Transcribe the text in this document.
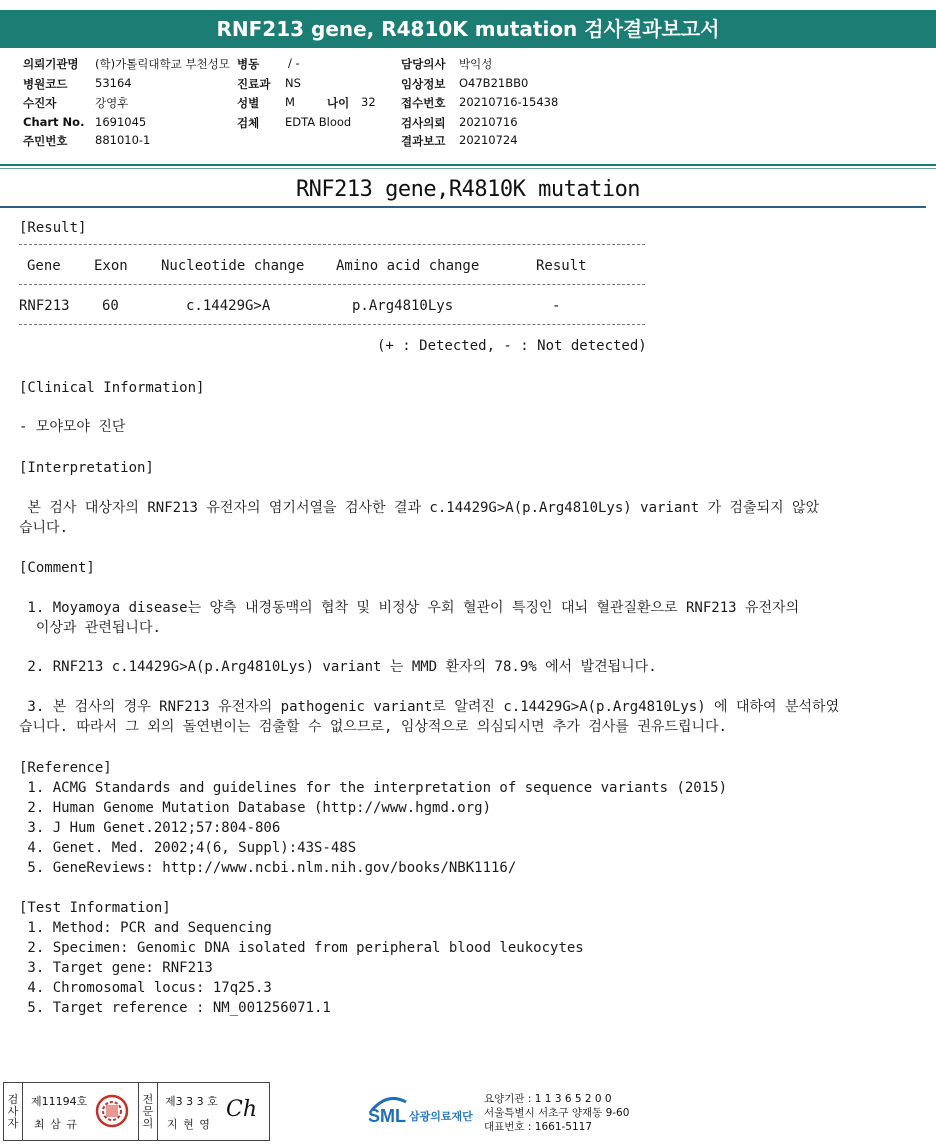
RNF213 gene, R4810K mutation 검사결과보고서
의뢰기관명 (학)가톨릭대학교 부천성모 병동	/ -	담당의사 박익성
병원코드 53164	진료과 NS	임상정보 O47B21BB0
수진자	강영후	성별 M	나이 32 접수번호 20210716-15438
Chart No. 1691045	검체 EDTA Blood	검사의뢰 20210716
주민번호 881010-1	결과보고 20210724
RNF213 gene,R4810K mutation
[Result]
Gene Exon Nucleotide change Amino acid change	Result
RNF213 60	c.14429G>A	p.Arg4810Lys	-
(+ : Detected, - : Not detected)
[Clinical Information]
- 모야모야 진단
[Interpretation]
본 검사 대상자의 RNF213 유전자의 염기서열을 검사한 결과 c.14429G>A(p.Arg4810Lys) variant 가 검출되지 않았
습니다.
[Comment]
1. Moyamoya disease는 양측 내경동맥의 협착 및 비정상 우회 혈관이 특징인 대뇌 혈관질환으로 RNF213 유전자의
이상과 관련됩니다.
2. RNF213 c.14429G>A(p.Arg4810Lys) variant 는 MMD 환자의 78.9% 에서 발견됩니다.
3. 본 검사의 경우 RNF213 유전자의 pathogenic variant로 알려진 c.14429G>A(p.Arg4810Lys) 에 대하여 분석하였
습니다. 따라서 그 외의 돌연변이는 검출할 수 없으므로, 임상적으로 의심되시면 추가 검사를 권유드립니다.
[Reference]
1. ACMG Standards and guidelines for the interpretation of sequence variants (2015)
2. Human Genome Mutation Database (http://www.hgmd.org)
3. J Hum Genet.2012;57:804-806
4. Genet. Med. 2002;4(6, Suppl):43S-48S
5. GeneReviews: http://www.ncbi.nlm.nih.gov/books/NBK1116/
[Test Information]
1. Method: PCR and Sequencing
2. Specimen: Genomic DNA isolated from peripheral blood leukocytes
3. Target gene: RNF213
4. Chromosomal locus: 17q25.3
5. Target reference : NM_001256071.1
검
사
자
제11194호
최 삼 규
전
문
의
제3 3 3 호
지 현 영
Ch	SML 삼광의료재단
요양기관 : 1 1 3 6 5 2 0 0
서울특별시 서초구 양재동 9-60
대표번호 : 1661-5117
